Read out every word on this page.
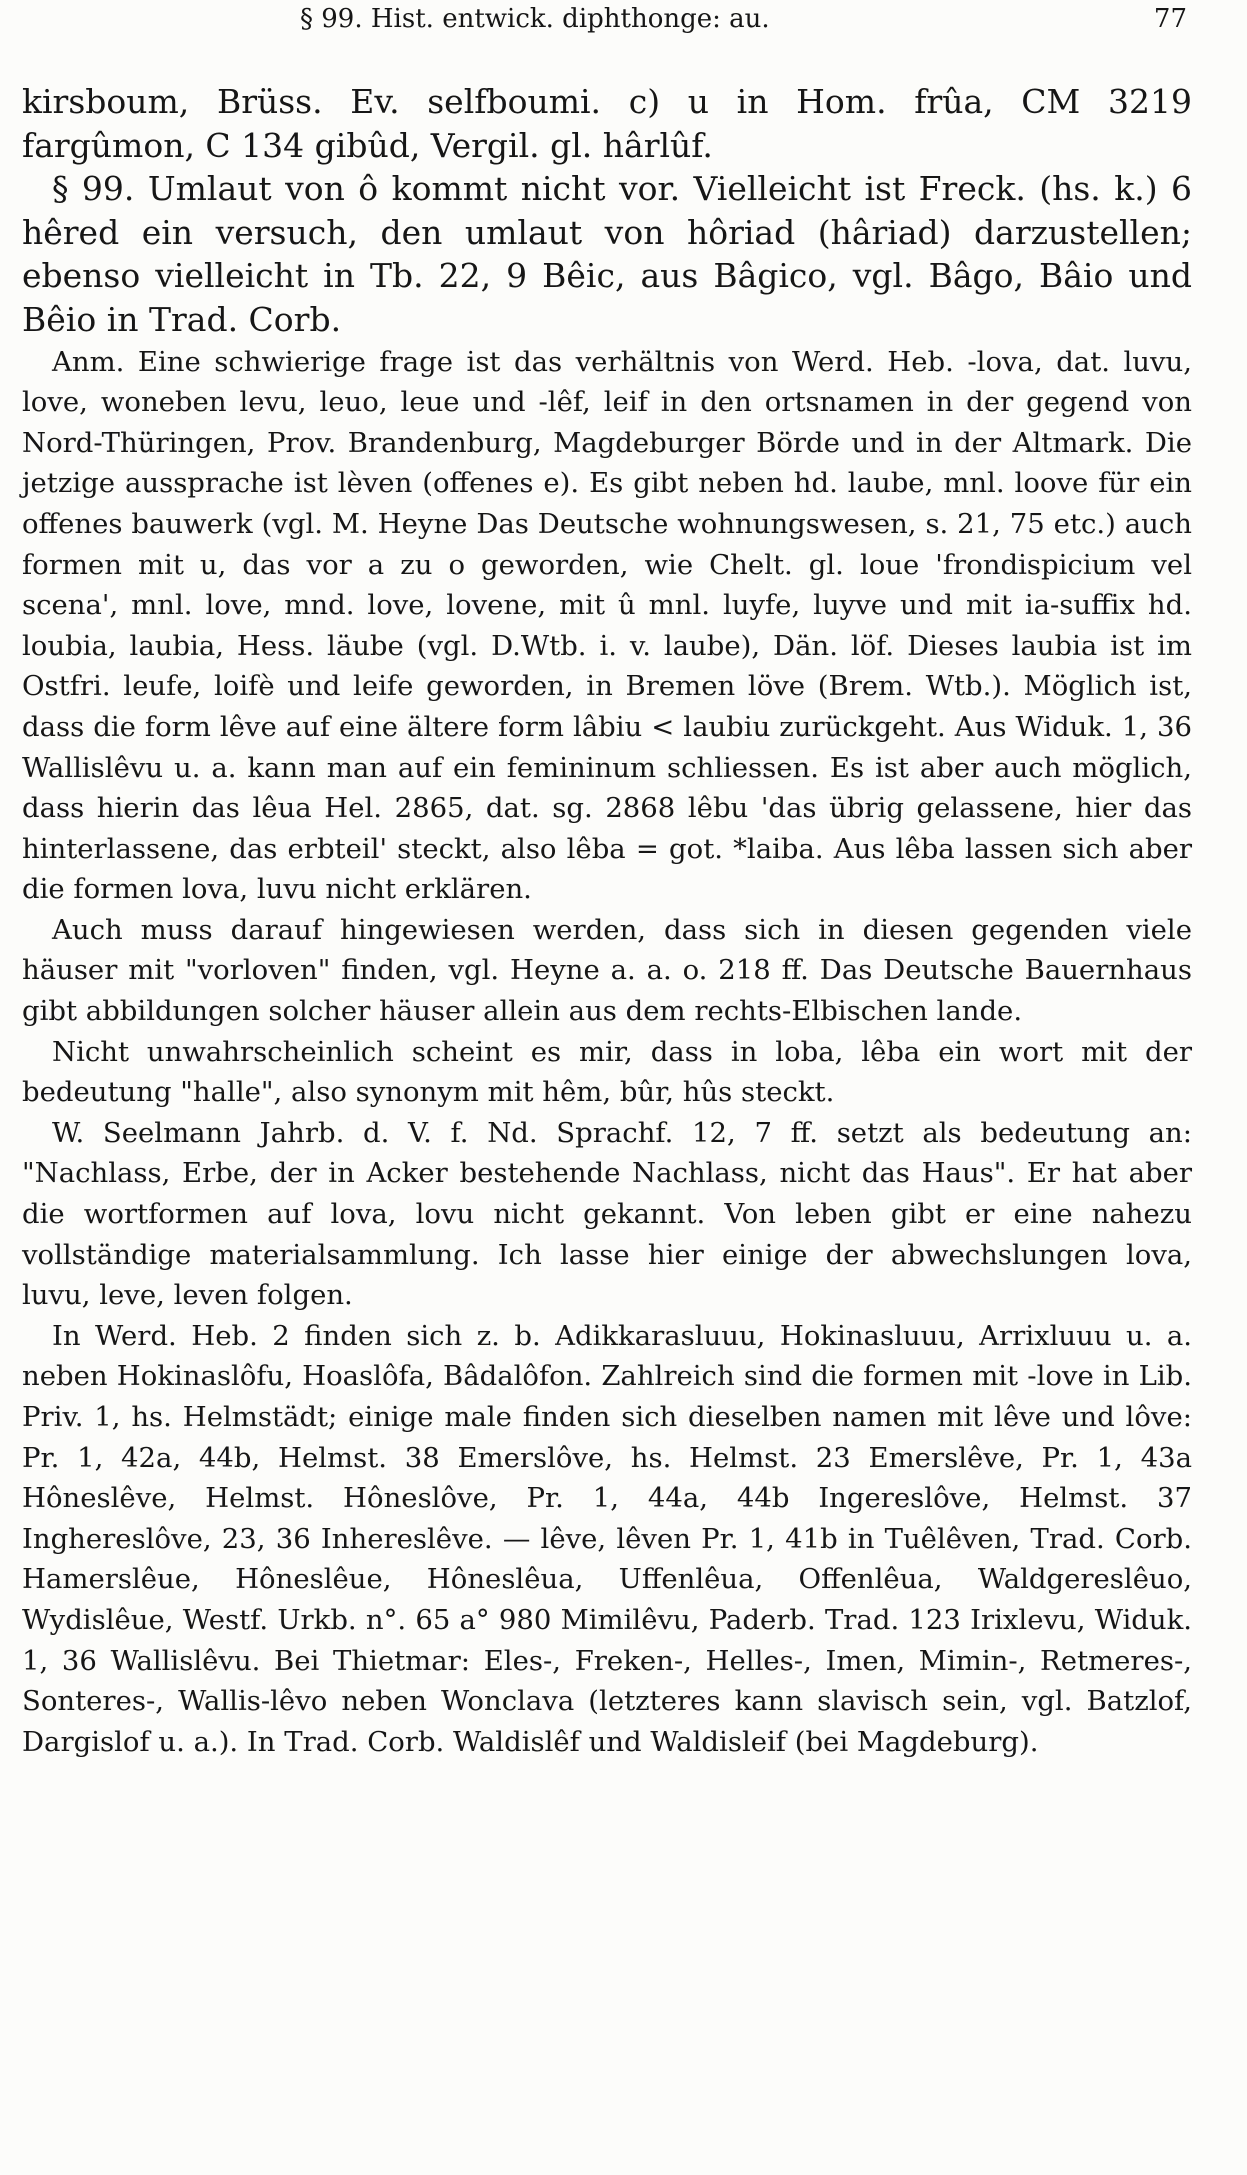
§ 99. Hist. entwick. diphthonge: au.	77

kirsboum, Brüss. Ev. selfboumi. c) u in Hom. frûa, CM 3219 fargûmon, C 134 gibûd, Vergil. gl. hârlûf.

§ 99. Umlaut von ô kommt nicht vor. Vielleicht ist Freck. (hs. k.) 6 hêred ein versuch, den umlaut von hôriad (hâriad) darzustellen; ebenso vielleicht in Tb. 22, 9 Bêic, aus Bâgico, vgl. Bâgo, Bâio und Bêio in Trad. Corb.

Anm. Eine schwierige frage ist das verhältnis von Werd. Heb. -lova, dat. luvu, love, woneben levu, leuo, leue und -lêf, leif in den ortsnamen in der gegend von Nord-Thüringen, Prov. Brandenburg, Magdeburger Börde und in der Altmark. Die jetzige aussprache ist lèven (offenes e). Es gibt neben hd. laube, mnl. loove für ein offenes bauwerk (vgl. M. Heyne Das Deutsche wohnungswesen, s. 21, 75 etc.) auch formen mit u, das vor a zu o geworden, wie Chelt. gl. loue 'frondispicium vel scena', mnl. love, mnd. love, lovene, mit û mnl. luyfe, luyve und mit ia-suffix hd. loubia, laubia, Hess. läube (vgl. D.Wtb. i. v. laube), Dän. löf. Dieses laubia ist im Ostfri. leufe, loifè und leife geworden, in Bremen löve (Brem. Wtb.). Möglich ist, dass die form lêve auf eine ältere form lâbiu < laubiu zurückgeht. Aus Widuk. 1, 36 Wallislêvu u. a. kann man auf ein femininum schliessen. Es ist aber auch möglich, dass hierin das lêua Hel. 2865, dat. sg. 2868 lêbu 'das übrig gelassene, hier das hinterlassene, das erbteil' steckt, also lêba = got. *laiba. Aus lêba lassen sich aber die formen lova, luvu nicht erklären.

Auch muss darauf hingewiesen werden, dass sich in diesen gegenden viele häuser mit "vorloven" finden, vgl. Heyne a. a. o. 218 ff. Das Deutsche Bauernhaus gibt abbildungen solcher häuser allein aus dem rechts-Elbischen lande.

Nicht unwahrscheinlich scheint es mir, dass in loba, lêba ein wort mit der bedeutung "halle", also synonym mit hêm, bûr, hûs steckt.

W. Seelmann Jahrb. d. V. f. Nd. Sprachf. 12, 7 ff. setzt als bedeutung an: "Nachlass, Erbe, der in Acker bestehende Nachlass, nicht das Haus". Er hat aber die wortformen auf lova, lovu nicht gekannt. Von leben gibt er eine nahezu vollständige materialsammlung. Ich lasse hier einige der abwechslungen lova, luvu, leve, leven folgen.

In Werd. Heb. 2 finden sich z. b. Adikkarasluuu, Hokinasluuu, Arrixluuu u. a. neben Hokinaslôfu, Hoaslôfa, Bâdalôfon. Zahlreich sind die formen mit -love in Lib. Priv. 1, hs. Helmstädt; einige male finden sich dieselben namen mit lêve und lôve: Pr. 1, 42a, 44b, Helmst. 38 Emerslôve, hs. Helmst. 23 Emerslêve, Pr. 1, 43a Hôneslêve, Helmst. Hôneslôve, Pr. 1, 44a, 44b Ingereslôve, Helmst. 37 Inghereslôve, 23, 36 Inhereslêve. — lêve, lêven Pr. 1, 41b in Tuêlêven, Trad. Corb. Hamerslêue, Hôneslêue, Hôneslêua, Uffenlêua, Offenlêua, Waldgereslêuo, Wydislêue, Westf. Urkb. n°. 65 a° 980 Mimilêvu, Paderb. Trad. 123 Irixlevu, Widuk. 1, 36 Wallislêvu. Bei Thietmar: Eles-, Freken-, Helles-, Imen, Mimin-, Retmeres-, Sonteres-, Wallis-lêvo neben Wonclava (letzteres kann slavisch sein, vgl. Batzlof, Dargislof u. a.). In Trad. Corb. Waldislêf und Waldisleif (bei Magdeburg).
